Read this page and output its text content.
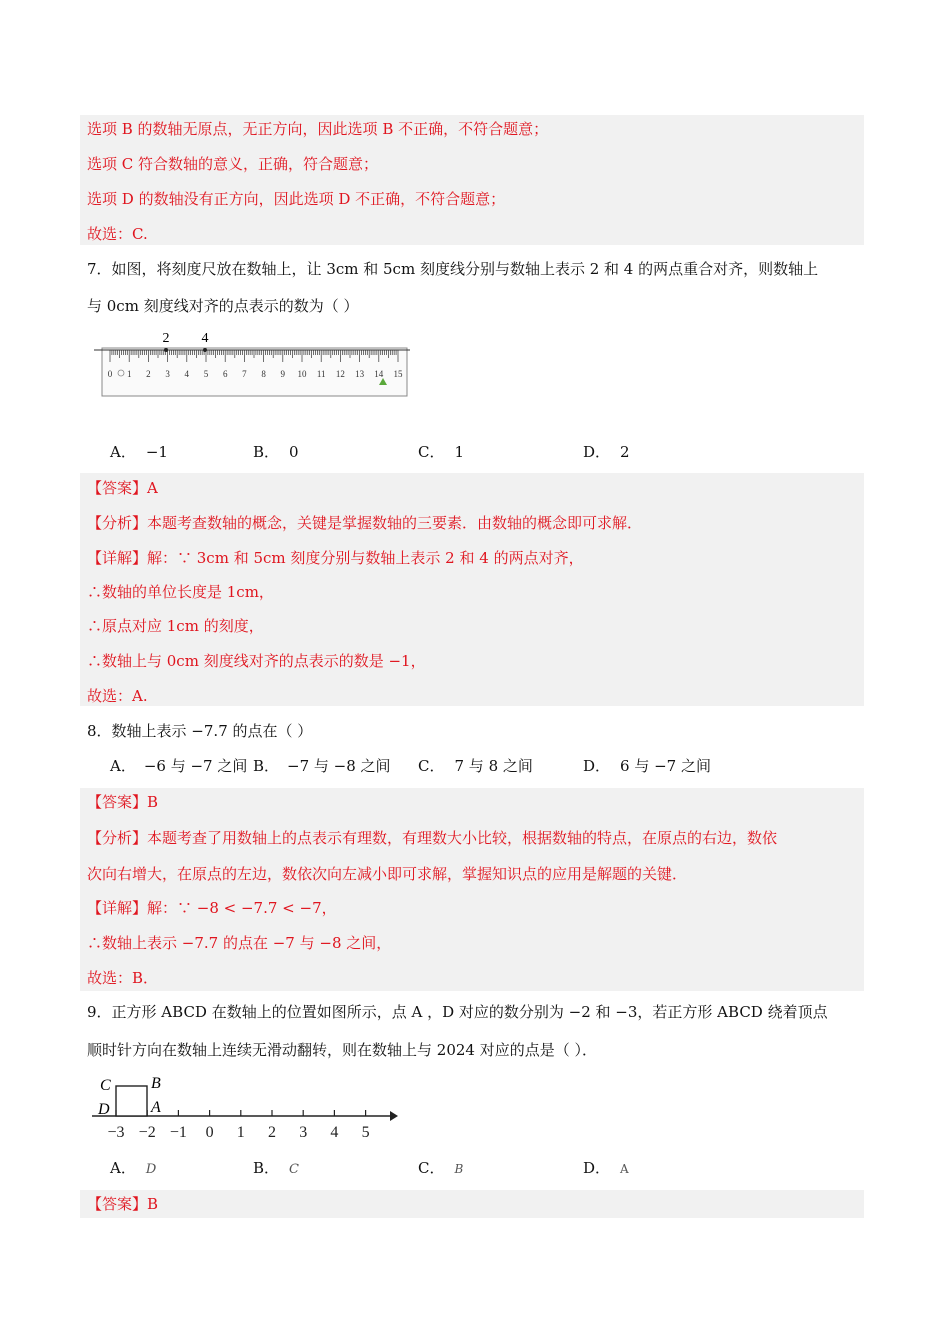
选项 B 的数轴无原点，无正方向，因此选项 B 不正确，不符合题意；
选项 C 符合数轴的意义，正确，符合题意；
选项 D 的数轴没有正方向，因此选项 D 不正确，不符合题意；
故选：C.
7．如图，将刻度尺放在数轴上，让 3cm 和 5cm 刻度线分别与数轴上表示 2 和 4 的两点重合对齐，则数轴上
与 0cm 刻度线对齐的点表示的数为（ ）
2 4
0 1 2 3 4 5 6 7 8 9 10 11 12 13 14 15
A． −1	B． 0	C． 1	D． 2
【答案】A
【分析】本题考查数轴的概念，关键是掌握数轴的三要素．由数轴的概念即可求解．
【详解】解：∵ 3cm 和 5cm 刻度分别与数轴上表示 2 和 4 的两点对齐，
∴数轴的单位长度是 1cm，
∴原点对应 1cm 的刻度，
∴数轴上与 0cm 刻度线对齐的点表示的数是 −1，
故选：A.
8．数轴上表示 −7.7 的点在（ ）
A． −6 与 −7 之间 B． −7 与 −8 之间 C． 7 与 8 之间	D． 6 与 −7 之间
【答案】B
【分析】本题考查了用数轴上的点表示有理数，有理数大小比较，根据数轴的特点，在原点的右边，数依
次向右增大，在原点的左边，数依次向左减小即可求解，掌握知识点的应用是解题的关键．
【详解】解：∵ −8 < −7.7 < −7，
∴数轴上表示 −7.7 的点在 −7 与 −8 之间，
故选：B．
9．正方形 ABCD 在数轴上的位置如图所示，点 A ，D 对应的数分别为 −2 和 −3，若正方形 ABCD 绕着顶点
顺时针方向在数轴上连续无滑动翻转，则在数轴上与 2024 对应的点是（ ）．
C	B
D	A
−3 −2 −1 0 1 2 3 4 5
A． D	B． C	C． B	D． A
【答案】B
